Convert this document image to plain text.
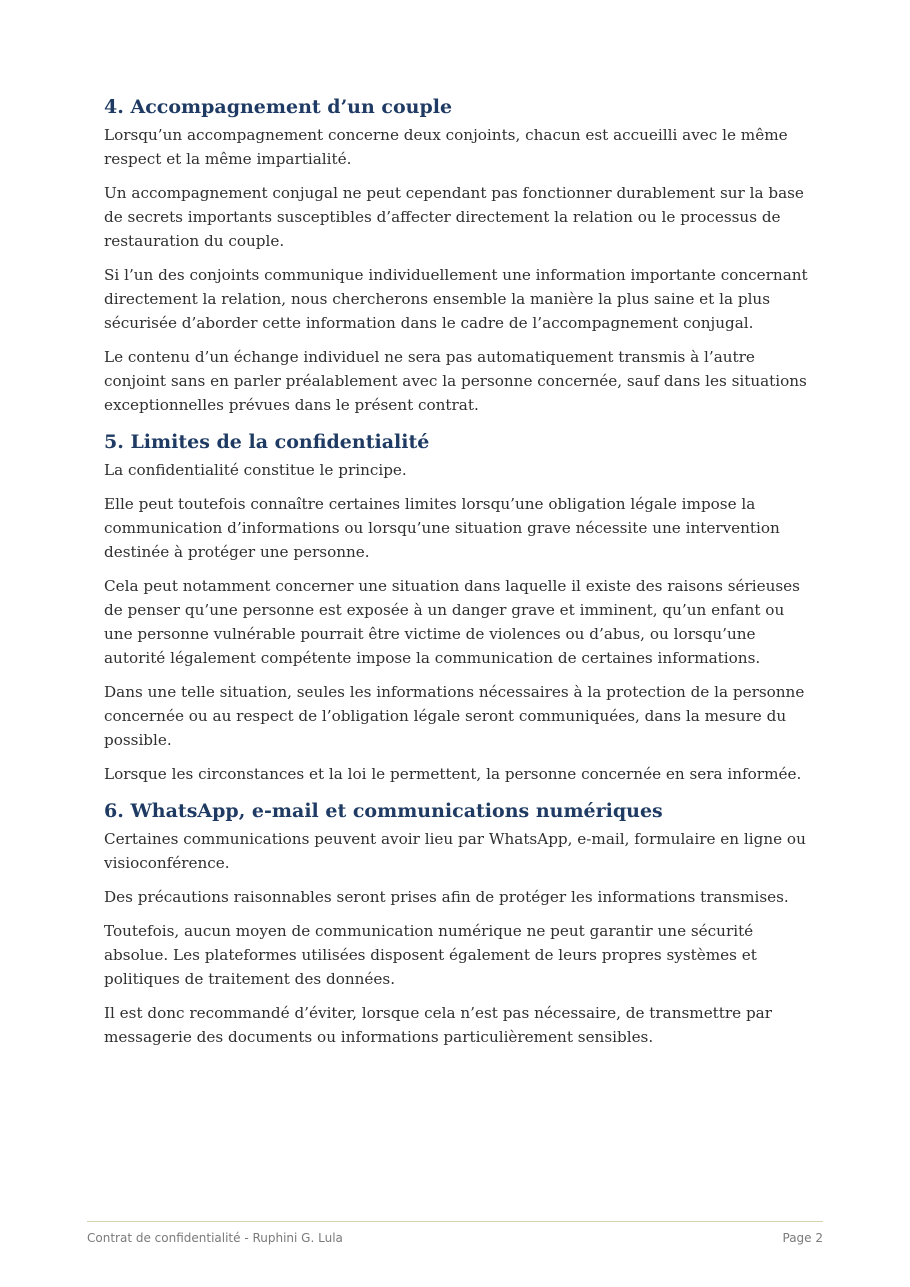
4. Accompagnement d’un couple

Lorsqu’un accompagnement concerne deux conjoints, chacun est accueilli avec le même respect et la même impartialité.

Un accompagnement conjugal ne peut cependant pas fonctionner durablement sur la base de secrets importants susceptibles d’affecter directement la relation ou le processus de restauration du couple.

Si l’un des conjoints communique individuellement une information importante concernant directement la relation, nous chercherons ensemble la manière la plus saine et la plus sécurisée d’aborder cette information dans le cadre de l’accompagnement conjugal.

Le contenu d’un échange individuel ne sera pas automatiquement transmis à l’autre conjoint sans en parler préalablement avec la personne concernée, sauf dans les situations exceptionnelles prévues dans le présent contrat.

5. Limites de la confidentialité

La confidentialité constitue le principe.

Elle peut toutefois connaître certaines limites lorsqu’une obligation légale impose la communication d’informations ou lorsqu’une situation grave nécessite une intervention destinée à protéger une personne.

Cela peut notamment concerner une situation dans laquelle il existe des raisons sérieuses de penser qu’une personne est exposée à un danger grave et imminent, qu’un enfant ou une personne vulnérable pourrait être victime de violences ou d’abus, ou lorsqu’une autorité légalement compétente impose la communication de certaines informations.

Dans une telle situation, seules les informations nécessaires à la protection de la personne concernée ou au respect de l’obligation légale seront communiquées, dans la mesure du possible.

Lorsque les circonstances et la loi le permettent, la personne concernée en sera informée.

6. WhatsApp, e-mail et communications numériques

Certaines communications peuvent avoir lieu par WhatsApp, e-mail, formulaire en ligne ou visioconférence.

Des précautions raisonnables seront prises afin de protéger les informations transmises.

Toutefois, aucun moyen de communication numérique ne peut garantir une sécurité absolue. Les plateformes utilisées disposent également de leurs propres systèmes et politiques de traitement des données.

Il est donc recommandé d’éviter, lorsque cela n’est pas nécessaire, de transmettre par messagerie des documents ou informations particulièrement sensibles.

Contrat de confidentialité - Ruphini G. Lula	Page 2
